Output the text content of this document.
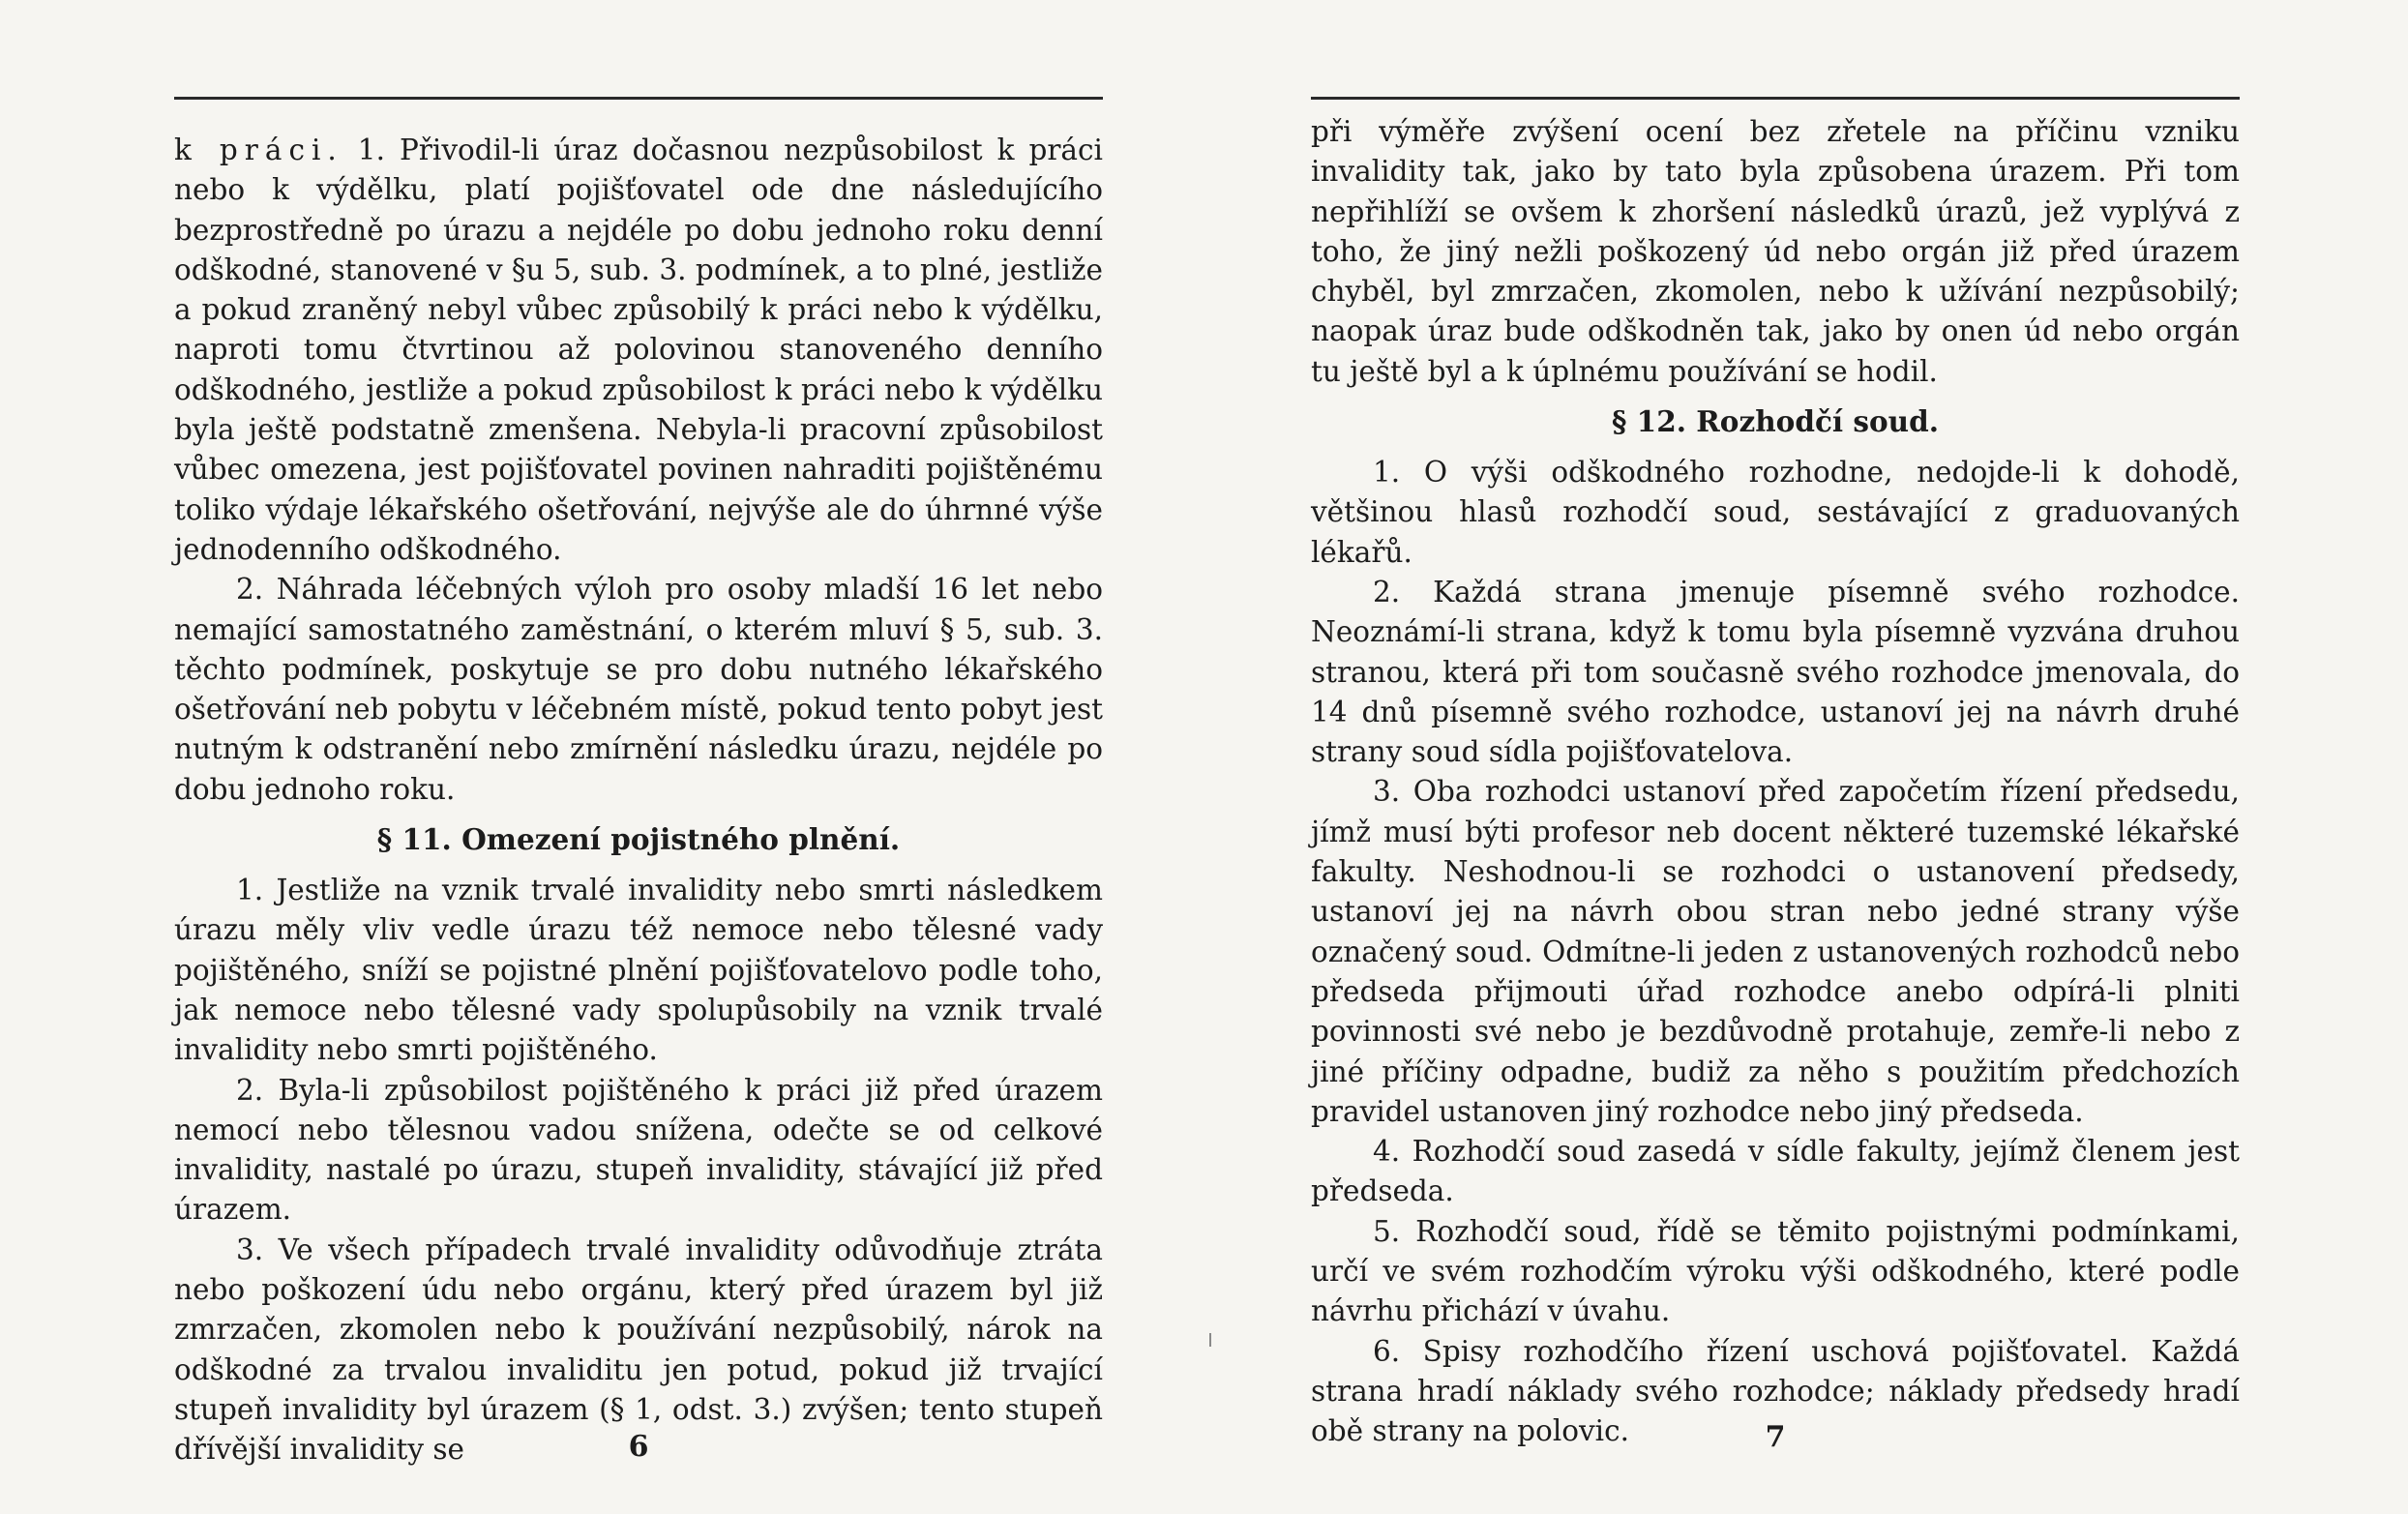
k práci. 1. Přivodil-li úraz dočasnou nezpůsobilost k práci nebo k výdělku, platí pojišťovatel ode dne následujícího bezprostředně po úrazu a nejdéle po dobu jednoho roku denní odškodné, stanovené v §u 5, sub. 3. podmínek, a to plné, jestliže a pokud zraněný nebyl vůbec způsobilý k práci nebo k výdělku, naproti tomu čtvrtinou až polovinou stanoveného denního odškodného, jestliže a pokud způsobilost k práci nebo k výdělku byla ještě podstatně zmenšena. Nebyla-li pracovní způsobilost vůbec omezena, jest pojišťovatel povinen nahraditi pojištěnému toliko výdaje lékařského ošetřování, nejvýše ale do úhrnné výše jednodenního odškodného.

2. Náhrada léčebných výloh pro osoby mladší 16 let nebo nemající samostatného zaměstnání, o kterém mluví § 5, sub. 3. těchto podmínek, poskytuje se pro dobu nutného lékařského ošetřování neb pobytu v léčebném místě, pokud tento pobyt jest nutným k odstranění nebo zmírnění následku úrazu, nejdéle po dobu jednoho roku.

§ 11. Omezení pojistného plnění.

1. Jestliže na vznik trvalé invalidity nebo smrti následkem úrazu měly vliv vedle úrazu též nemoce nebo tělesné vady pojištěného, sníží se pojistné plnění pojišťovatelovo podle toho, jak nemoce nebo tělesné vady spolupůsobily na vznik trvalé invalidity nebo smrti pojištěného.

2. Byla-li způsobilost pojištěného k práci již před úrazem nemocí nebo tělesnou vadou snížena, odečte se od celkové invalidity, nastalé po úrazu, stupeň invalidity, stávající již před úrazem.

3. Ve všech případech trvalé invalidity odůvodňuje ztráta nebo poškození údu nebo orgánu, který před úrazem byl již zmrzačen, zkomolen nebo k používání nezpůsobilý, nárok na odškodné za trvalou invaliditu jen potud, pokud již trvající stupeň invalidity byl úrazem (§ 1, odst. 3.) zvýšen; tento stupeň dřívější invalidity se	6

při výměře zvýšení ocení bez zřetele na příčinu vzniku invalidity tak, jako by tato byla způsobena úrazem. Při tom nepřihlíží se ovšem k zhoršení následků úrazů, jež vyplývá z toho, že jiný nežli poškozený úd nebo orgán již před úrazem chyběl, byl zmrzačen, zkomolen, nebo k užívání nezpůsobilý; naopak úraz bude odškodněn tak, jako by onen úd nebo orgán tu ještě byl a k úplnému používání se hodil.

§ 12. Rozhodčí soud.

1. O výši odškodného rozhodne, nedojde-li k dohodě, většinou hlasů rozhodčí soud, sestávající z graduovaných lékařů.

2. Každá strana jmenuje písemně svého rozhodce. Neoznámí-li strana, když k tomu byla písemně vyzvána druhou stranou, která při tom současně svého rozhodce jmenovala, do 14 dnů písemně svého rozhodce, ustanoví jej na návrh druhé strany soud sídla pojišťovatelova.

3. Oba rozhodci ustanoví před započetím řízení předsedu, jímž musí býti profesor neb docent některé tuzemské lékařské fakulty. Neshodnou-li se rozhodci o ustanovení předsedy, ustanoví jej na návrh obou stran nebo jedné strany výše označený soud. Odmítne-li jeden z ustanovených rozhodců nebo předseda přijmouti úřad rozhodce anebo odpírá-li plniti povinnosti své nebo je bezdůvodně protahuje, zemře-li nebo z jiné příčiny odpadne, budiž za něho s použitím předchozích pravidel ustanoven jiný rozhodce nebo jiný předseda.

4. Rozhodčí soud zasedá v sídle fakulty, jejímž členem jest předseda.

5. Rozhodčí soud, řídě se těmito pojistnými podmínkami, určí ve svém rozhodčím výroku výši odškodného, které podle návrhu přichází v úvahu.

6. Spisy rozhodčího řízení uschová pojišťovatel. Každá strana hradí náklady svého rozhodce; náklady předsedy hradí obě strany na polovic.	7
